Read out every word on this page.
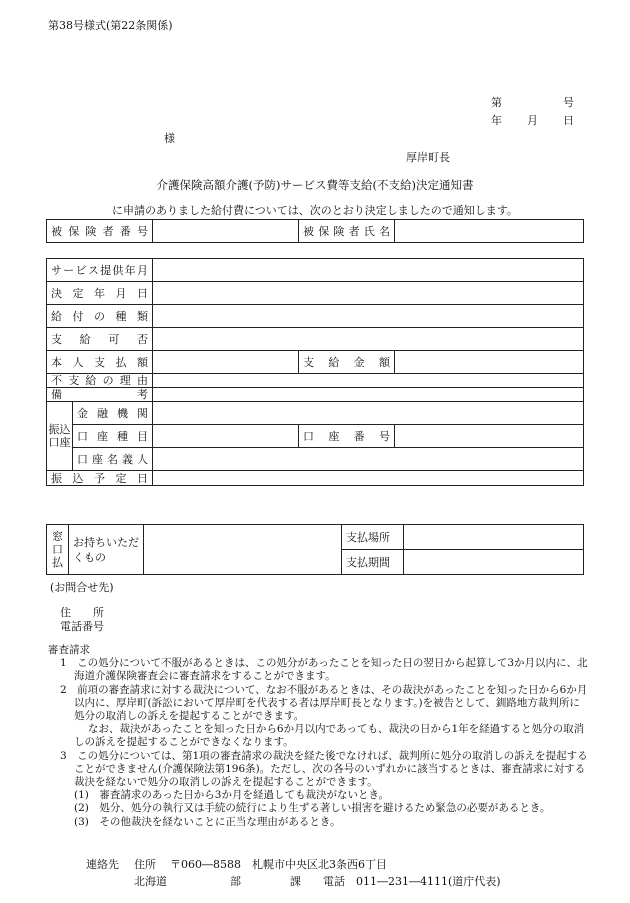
第38号様式(第22条関係)
第	号
年 月 日
様
厚岸町長
介護保険高額介護(予防)サービス費等支給(不支給)決定通知書
に申請のありました給付費については、次のとおり決定しましたので通知します。
被保険者番号		被保険者氏名	
サービス提供年月				
決定年月日				
給付の種類				
支給可否				
本人支払額			支給金額	
不支給の理由				
備考				
振込口座	金融機関			
	口座種目		口座番号	
	口座名義人			
振込予定日				
窓口払	お持ちいただくもの		支払場所	
			支払期間	
(お問合せ先)
住所
電話番号

審査請求

1　この処分について不服があるときは、この処分があったことを知った日の翌日から起算して3か月以内に、北海道介護保険審査会に審査請求をすることができます。

2　前項の審査請求に対する裁決について、なお不服があるときは、その裁決があったことを知った日から6か月以内に、厚岸町(訴訟において厚岸町を代表する者は厚岸町長となります。)を被告として、釧路地方裁判所に処分の取消しの訴えを提起することができます。

なお、裁決があったことを知った日から6か月以内であっても、裁決の日から1年を経過すると処分の取消しの訴えを提起することができなくなります。

3　この処分については、第1項の審査請求の裁決を経た後でなければ、裁判所に処分の取消しの訴えを提起することができません(介護保険法第196条)。ただし、次の各号のいずれかに該当するときは、審査請求に対する裁決を経ないで処分の取消しの訴えを提起することができます。

(1)　審査請求のあった日から3か月を経過しても裁決がないとき。

(2)　処分、処分の執行又は手続の続行により生ずる著しい損害を避けるため緊急の必要があるとき。

(3)　その他裁決を経ないことに正当な理由があるとき。

連絡先 住所 〒060―8588　札幌市中央区北3条西6丁目
北海道	部	課 電話 011―231―4111(道庁代表)
